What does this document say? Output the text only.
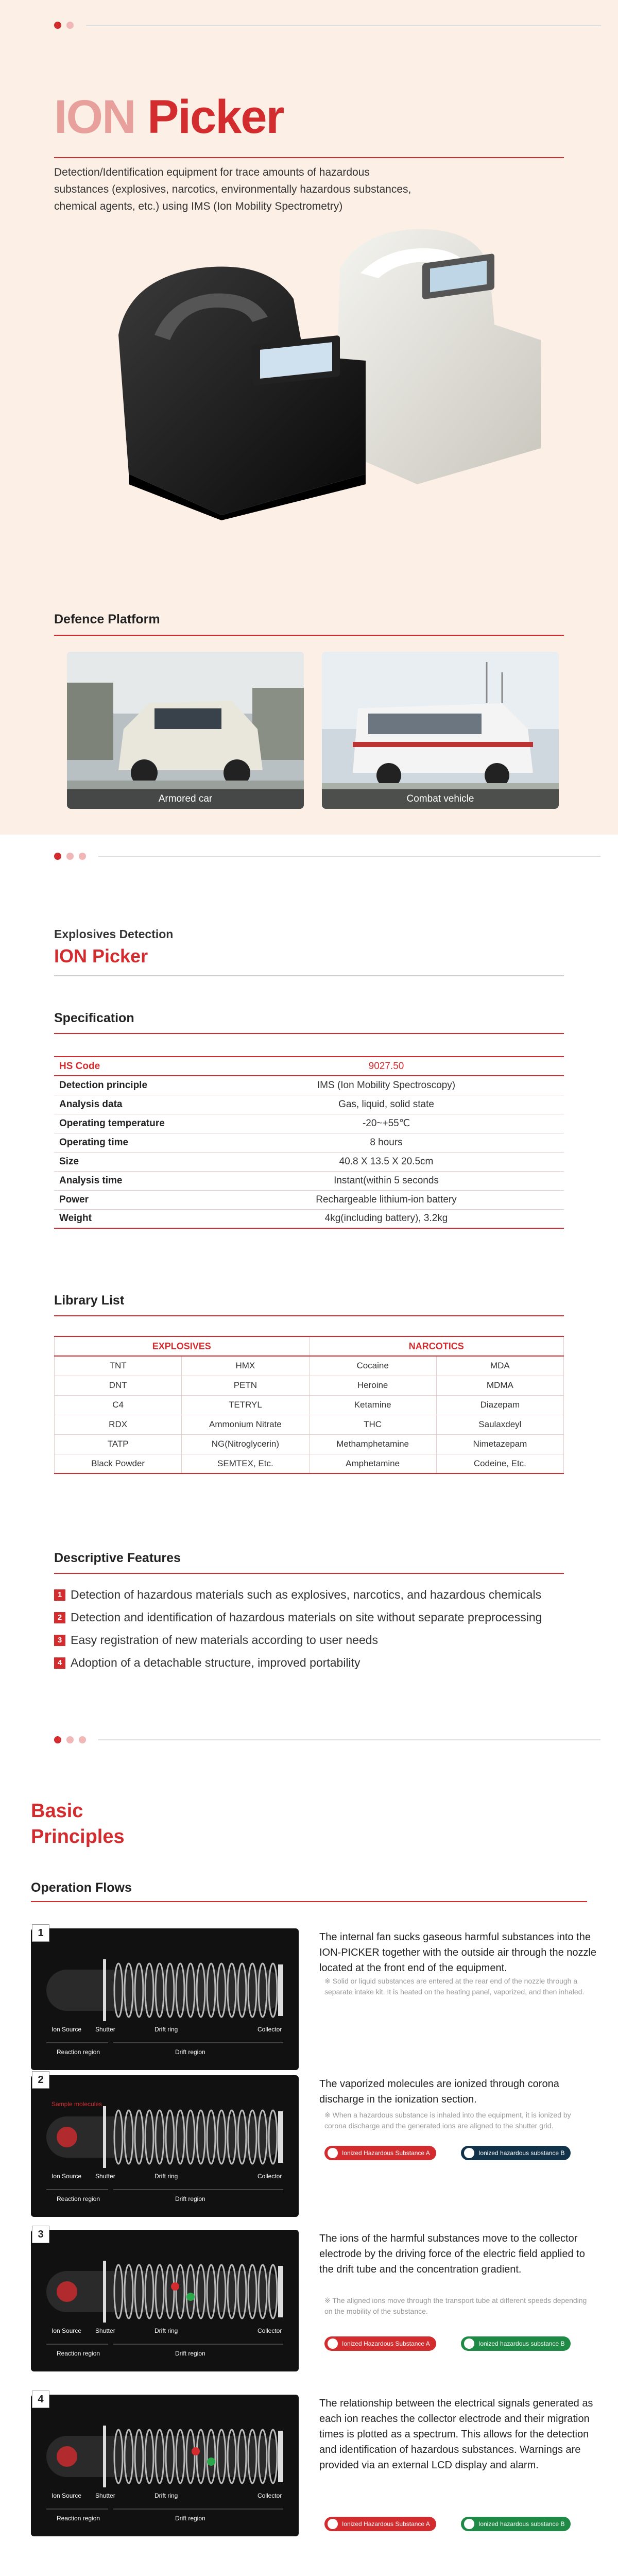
ION Picker
Detection/Identification equipment for trace amounts of hazardous substances (explosives, narcotics, environmentally hazardous substances, chemical agents, etc.) using IMS (Ion Mobility Spectrometry)
Defence Platform
Armored car	Combat vehicle
Explosives Detection
ION Picker
Specification
HS Code	9027.50
Detection principle	IMS (Ion Mobility Spectroscopy)
Analysis data	Gas, liquid, solid state
Operating temperature	-20~+55℃
Operating time	8 hours
Size	40.8 X 13.5 X 20.5cm
Analysis time	Instant(within 5 seconds
Power	Rechargeable lithium-ion battery
Weight	4kg(including battery), 3.2kg
Library List
EXPLOSIVES		NARCOTICS	
TNT	HMX	Cocaine	MDA
DNT	PETN	Heroine	MDMA
C4	TETRYL	Ketamine	Diazepam
RDX	Ammonium Nitrate	THC	Saulaxdeyl
TATP	NG(Nitroglycerin)	Methamphetamine	Nimetazepam
Black Powder	SEMTEX, Etc.	Amphetamine	Codeine, Etc.
Descriptive Features
1 Detection of hazardous materials such as explosives, narcotics, and hazardous chemicals
2 Detection and identification of hazardous materials on site without separate preprocessing
3 Easy registration of new materials according to user needs
4 Adoption of a detachable structure, improved portability
Basic
Principles
Operation Flows
Ion Source Shutter	Drift ring	Collector
Reaction region	Drift region
1	The internal fan sucks gaseous harmful substances into the ION-PICKER together with the outside air through the nozzle located at the front end of the equipment.
※ Solid or liquid substances are entered at the rear end of the nozzle through a separate intake kit. It is heated on the heating panel, vaporized, and then inhaled.
Ion Source Shutter	Drift ring	Collector
Reaction region	Drift region
Sample molecules
2	The vaporized molecules are ionized through corona discharge in the ionization section.
※ When a hazardous substance is inhaled into the equipment, it is ionized by corona discharge and the generated ions are aligned to the shutter grid.
Ionized Hazardous Substance A	Ionized hazardous substance B
Ion Source Shutter	Drift ring	Collector
Reaction region	Drift region
3	The ions of the harmful substances move to the collector electrode by the driving force of the electric field applied to the drift tube and the concentration gradient.
※ The aligned ions move through the transport tube at different speeds depending on the mobility of the substance.
Ionized Hazardous Substance A	Ionized hazardous substance B
Ion Source Shutter	Drift ring	Collector
Reaction region	Drift region
4	The relationship between the electrical signals generated as each ion reaches the collector electrode and their migration times is plotted as a spectrum. This allows for the detection and identification of hazardous substances. Warnings are provided via an external LCD display and alarm.
Ionized Hazardous Substance A	Ionized hazardous substance B
